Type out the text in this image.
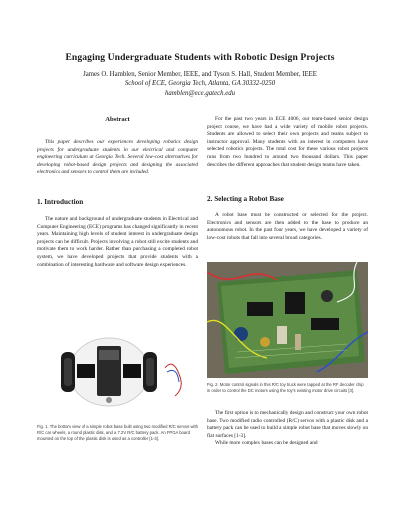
Engaging Undergraduate Students with Robotic Design Projects
James O. Hamblen, Senior Member, IEEE, and Tyson S. Hall, Student Member, IEEE
School of ECE, Georgia Tech, Atlanta, GA 30332-0250
hamblen@ece.gatech.edu
Abstract

This paper describes our experiences developing robotics design projects for undergraduate students in our electrical and computer engineering curriculum at Georgia Tech. Several low-cost alternatives for developing robot-based design projects and designing the associated electronics and sensors to control them are included.

1. Introduction

The nature and background of undergraduate students in Electrical and Computer Engineering (ECE) programs has changed significantly in recent years. Maintaining high levels of student interest in undergraduate design projects can be difficult. Projects involving a robot still excite students and motivate them to work harder. Rather than purchasing a completed robot system, we have developed projects that provide students with a combination of interesting hardware and software design experiences.

Fig. 1. The bottom view of a simple robot base built using two modified R/C servos with R/C car wheels, a round plastic disk, and a 7.2V R/C battery pack. An FPGA board mounted on the top of the plastic disk is used as a controller [1-3].

For the past two years in ECE 4006, our team-based senior design project course, we have had a wide variety of mobile robot projects. Students are allowed to select their own projects and teams subject to instructor approval. Many students with an interest in computers have selected robotics projects. The total cost for these various robot projects runs from two hundred to around two thousand dollars. This paper describes the different approaches that student design teams have taken.

2. Selecting a Robot Base

A robot base must be constructed or selected for the project. Electronics and sensors are then added to the base to produce an autonomous robot. In the past four years, we have developed a variety of low-cost robots that fall into several broad categories.

Fig. 2. Motor control signals in this R/C toy truck were tapped at the RF decoder chip in order to control the DC motors using the toy's existing motor drive circuits [3].

The first option is to mechanically design and construct your own robot base. Two modified radio controlled (R/C) servos with a plastic disk and a battery pack can be used to build a simple robot base that moves slowly on flat surfaces [1-3].

While more complex bases can be designed and
